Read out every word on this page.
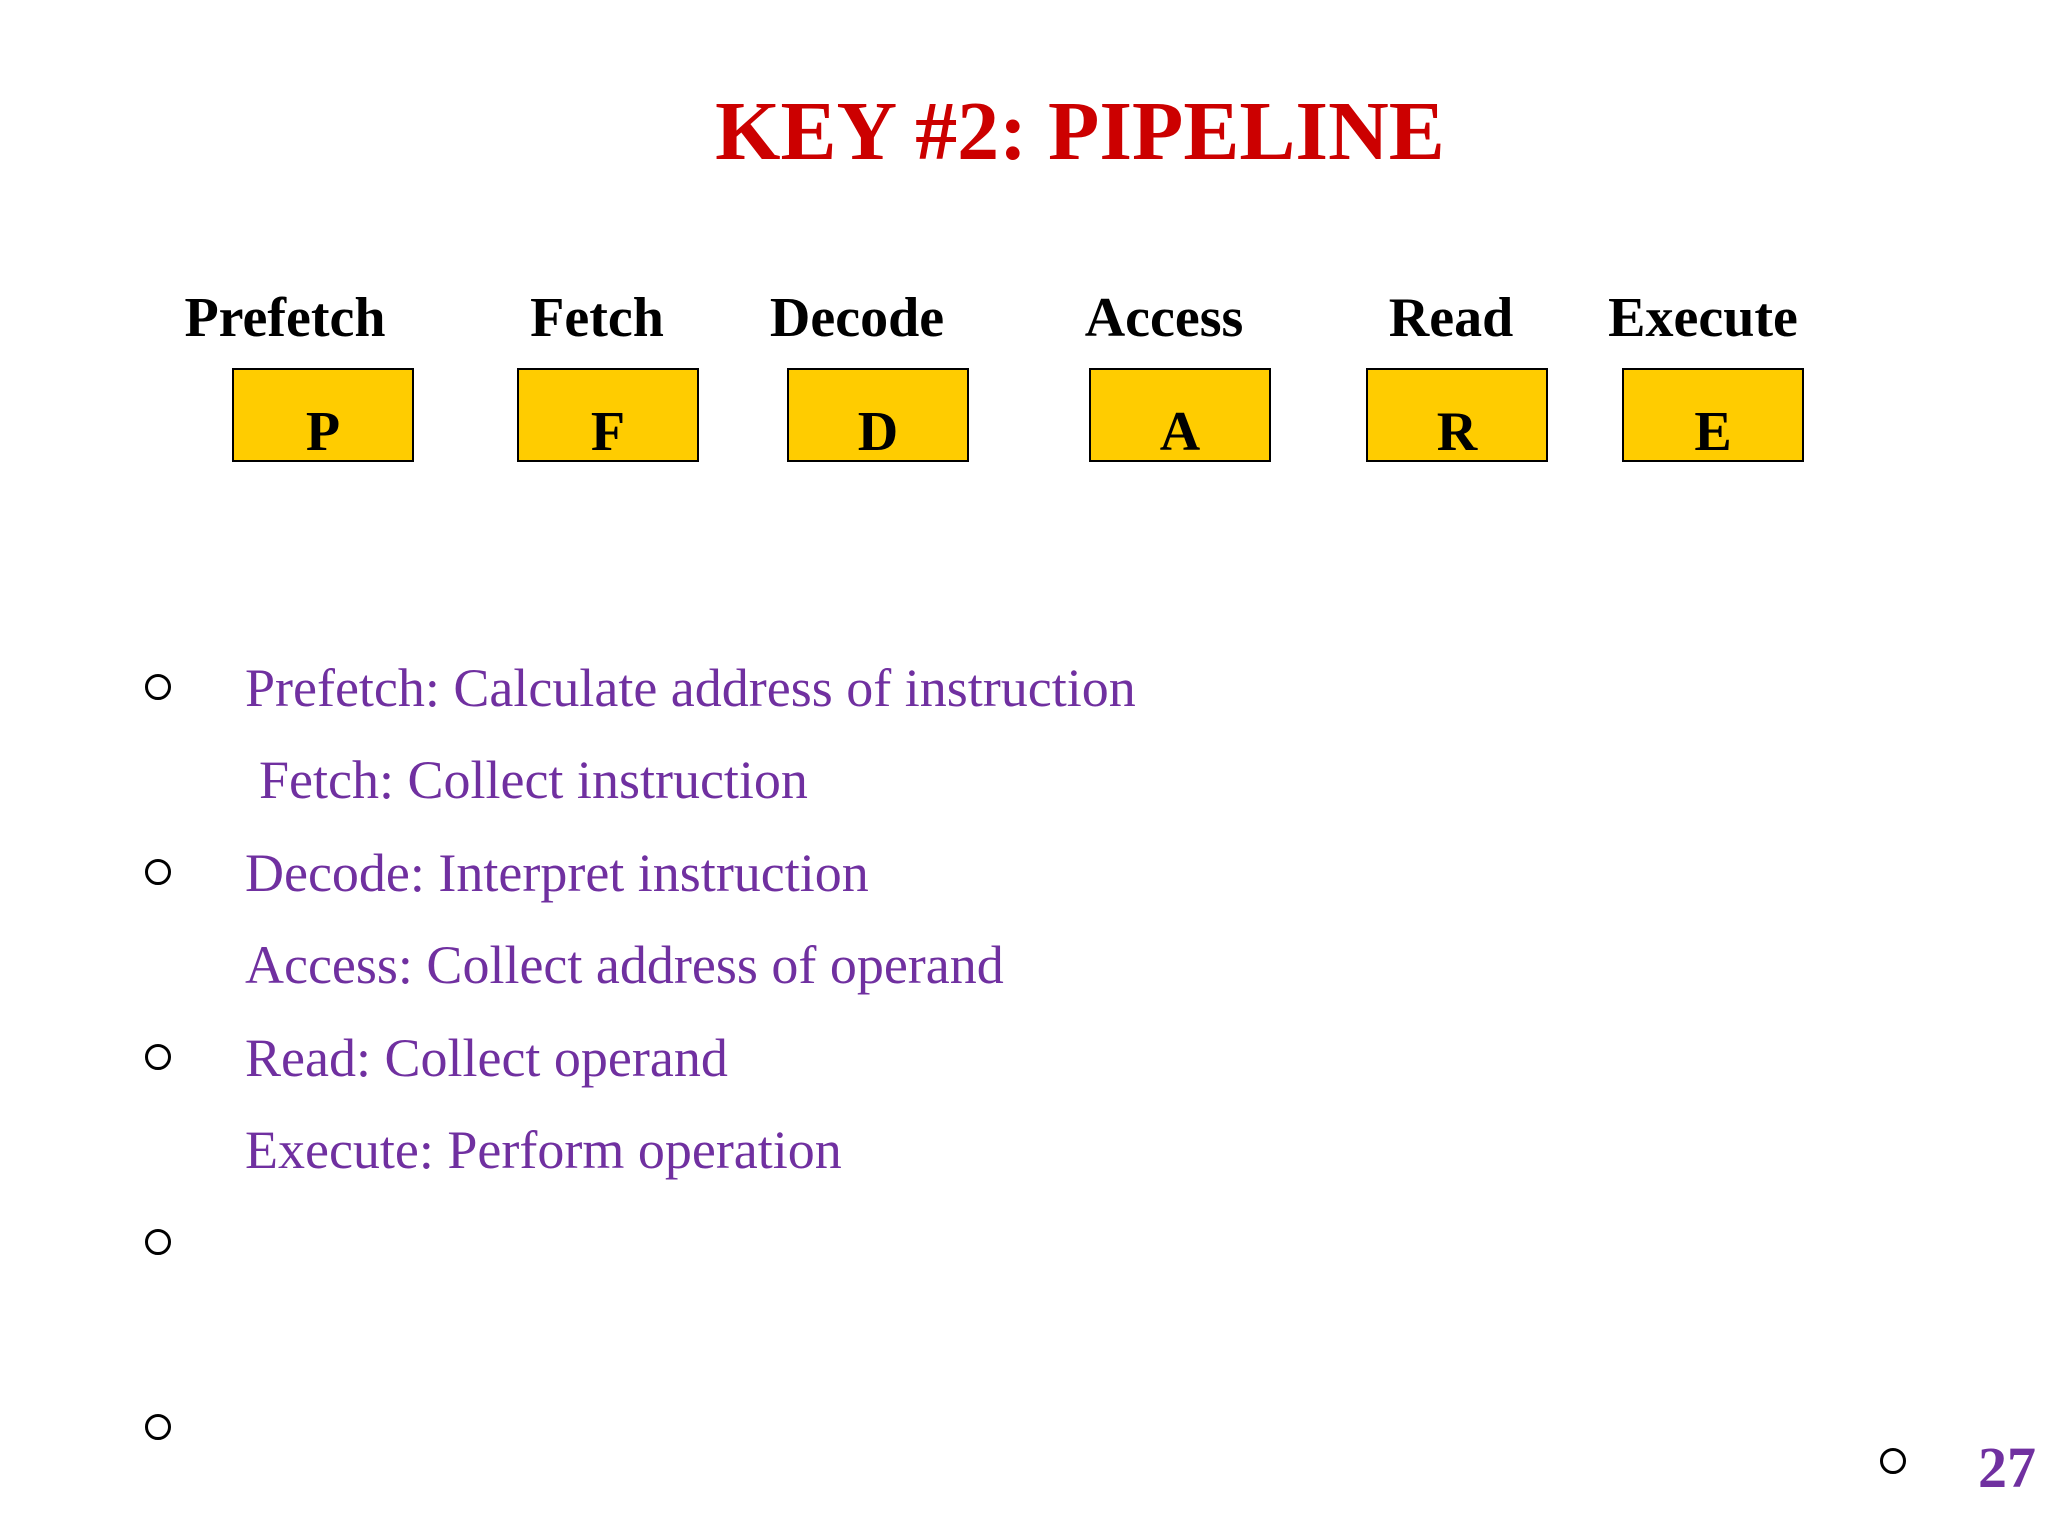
KEY #2: PIPELINE
Prefetch	Fetch Decode	Access	Read Execute
P	F	D	A	R	E
Prefetch: Calculate address of instruction
Fetch: Collect instruction
Decode: Interpret instruction
Access: Collect address of operand
Read: Collect operand
Execute: Perform operation
27
